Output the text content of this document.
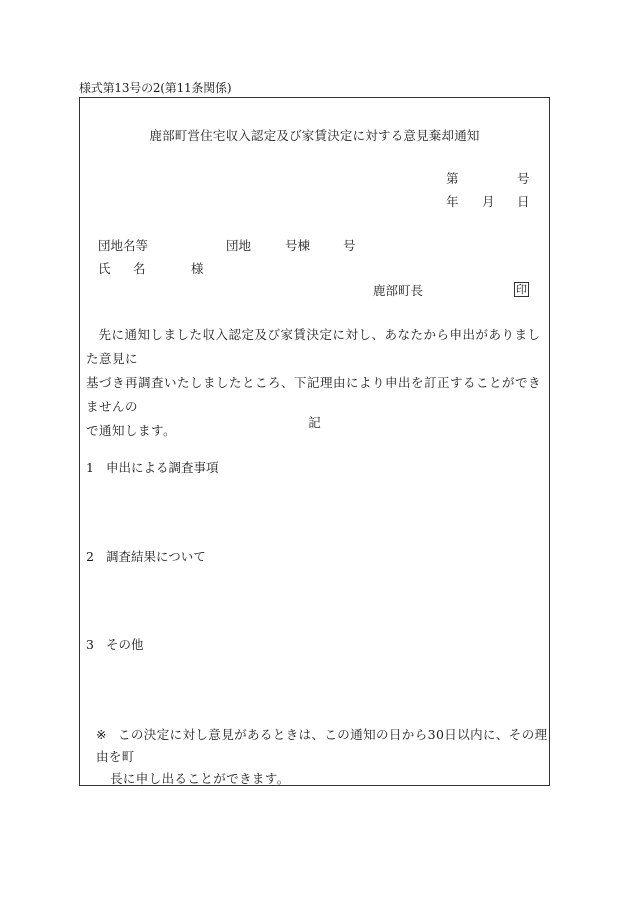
様式第13号の2(第11条関係)
鹿部町営住宅収入認定及び家賃決定に対する意見棄却通知
第	号
年 月 日
団地名等	団地	号棟	号
氏 名	様
鹿部町長	印
先に通知しました収入認定及び家賃決定に対し、あなたから申出がありました意見に
基づき再調査いたしましたところ、下記理由により申出を訂正することができませんの
で通知します。
記
1 申出による調査事項
2 調査結果について
3 その他
※ この決定に対し意見があるときは、この通知の日から30日以内に、その理由を町
長に申し出ることができます。
